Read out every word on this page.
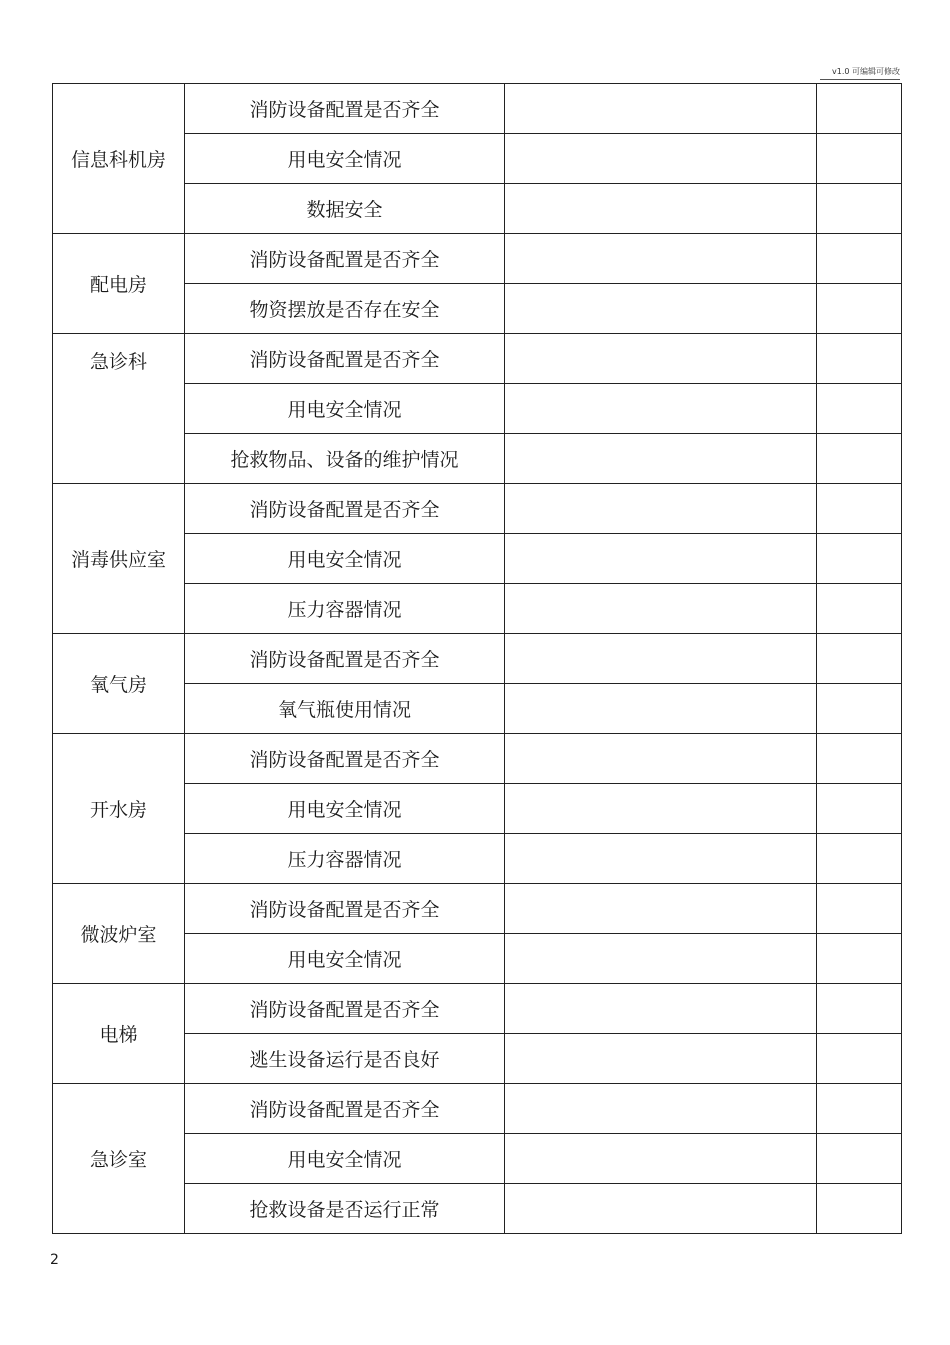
v1.0 可编辑可修改
信息科机房	消防设备配置是否齐全		
	用电安全情况		
	数据安全		
配电房	消防设备配置是否齐全		
	物资摆放是否存在安全		
急诊科	消防设备配置是否齐全		
	用电安全情况		
	抢救物品、设备的维护情况		
消毒供应室	消防设备配置是否齐全		
	用电安全情况		
	压力容器情况		
氧气房	消防设备配置是否齐全		
	氧气瓶使用情况		
开水房	消防设备配置是否齐全		
	用电安全情况		
	压力容器情况		
微波炉室	消防设备配置是否齐全		
	用电安全情况		
电梯	消防设备配置是否齐全		
	逃生设备运行是否良好		
急诊室	消防设备配置是否齐全		
	用电安全情况		
	抢救设备是否运行正常		
2
